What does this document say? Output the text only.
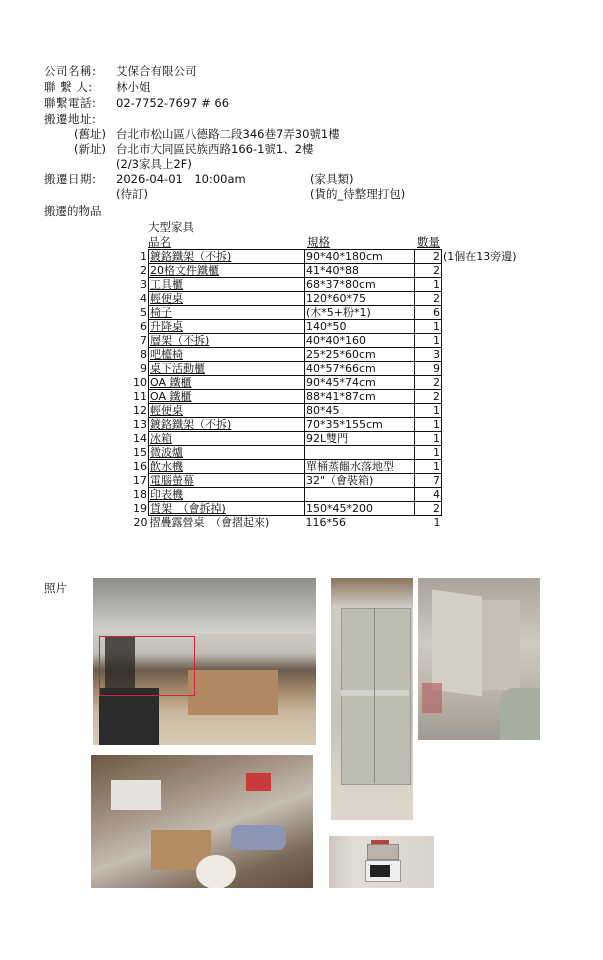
公司名稱: 艾保合有限公司
聯 繫 人: 林小姐
聯繫電話: 02-7752-7697 # 66
搬遷地址:
(舊址) 台北市松山區八德路二段346巷7弄30號1樓
(新址) 台北市大同區民族西路166-1號1、2樓
(2/3家具上2F)
搬遷日期: 2026-04-01　10:00am	(家具類)
(待訂)	(貨的_待整理打包)
搬遷的物品
大型家具
品名	規格	數量
1	鍍鉻鐵架（不拆)	90*40*180cm	2	(1個在13旁邊)
2	20格文件鐵櫃	41*40*88	2	
3	工具櫃	68*37*80cm	1	
4	輕便桌	120*60*75	2	
5	椅子	(木*5+粉*1)	6	
6	升降桌	140*50	1	
7	層架（不拆)	40*40*160	1	
8	吧檯椅	25*25*60cm	3	
9	桌下活動櫃	40*57*66cm	9	
10	OA 鐵櫃	90*45*74cm	2	
11	OA 鐵櫃	88*41*87cm	2	
12	輕便桌	80*45	1	
13	鍍鉻鐵架（不拆)	70*35*155cm	1	
14	冰箱	92L雙門	1	
15	微波爐		1	
16	飲水機	單桶蒸餾水落地型	1	
17	電腦螢幕	32"（會裝箱)	7	
18	印表機		4	
19	貨架　（會拆掉)	150*45*200	2	
20	摺疊露營桌　（會摺起來)	116*56	1	
照片
